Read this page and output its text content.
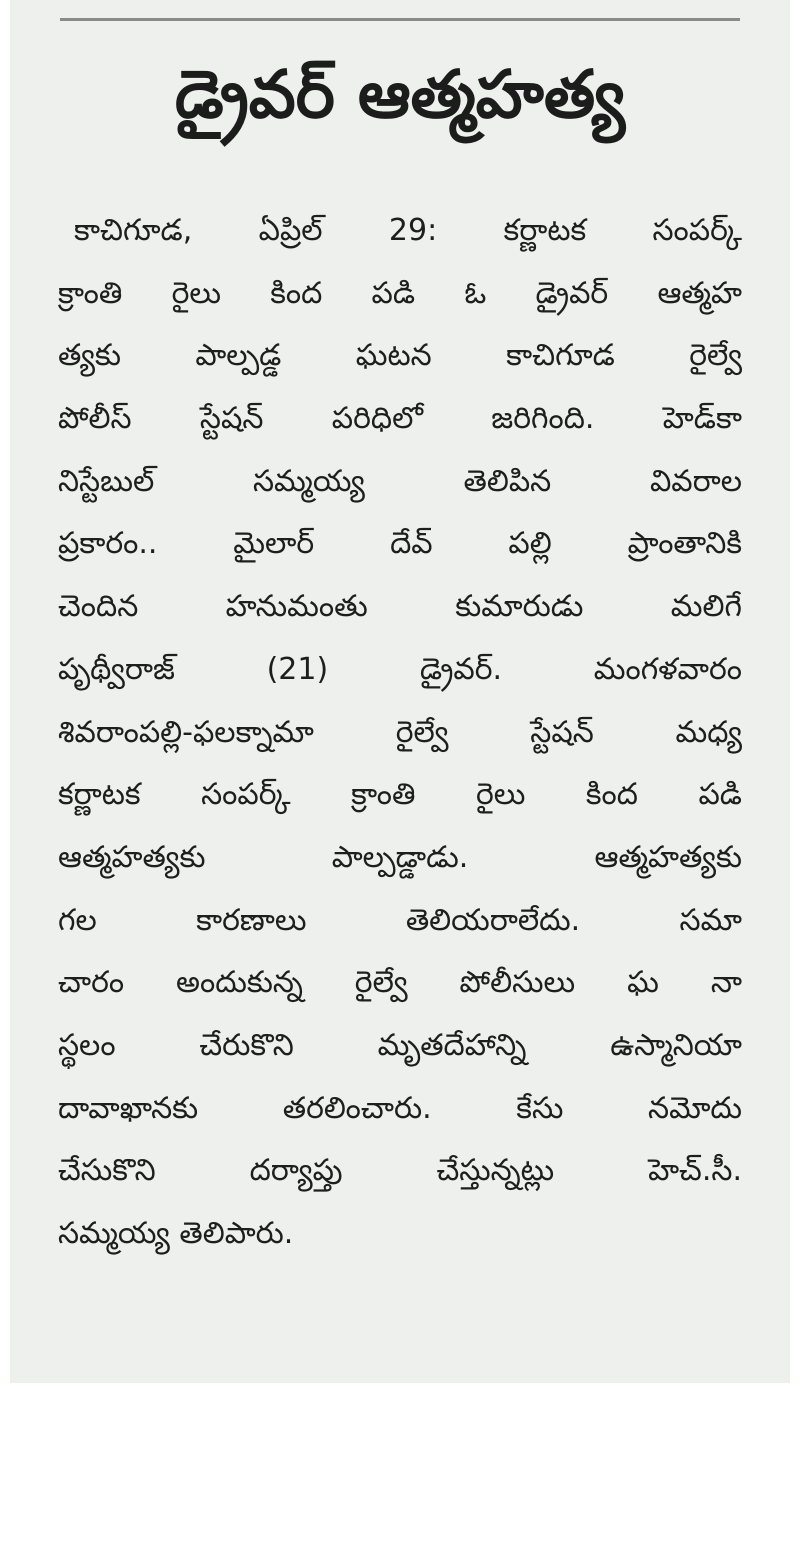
డ్రైవర్ ఆత్మహత్య
కాచిగూడ, ఏప్రిల్ 29: కర్ణాటక సంపర్క్
క్రాంతి రైలు కింద పడి ఓ డ్రైవర్ ఆత్మహ
త్యకు పాల్పడ్డ ఘటన కాచిగూడ రైల్వే
పోలీస్ స్టేషన్ పరిధిలో జరిగింది. హెడ్‌కా
నిస్టేబుల్ సమ్మయ్య తెలిపిన వివరాల
ప్రకారం.. మైలార్ దేవ్ పల్లి ప్రాంతానికి
చెందిన హనుమంతు కుమారుడు మలిగే
పృథ్వీరాజ్ (21) డ్రైవర్. మంగళవారం
శివరాంపల్లి-ఫలక్నామా రైల్వే స్టేషన్ మధ్య
కర్ణాటక సంపర్క్ క్రాంతి రైలు కింద పడి
ఆత్మహత్యకు పాల్పడ్డాడు. ఆత్మహత్యకు
గల కారణాలు తెలియరాలేదు. సమా
చారం అందుకున్న రైల్వే పోలీసులు ఘ నా
స్థలం చేరుకొని మృతదేహాన్ని ఉస్మానియా
దావాఖానకు తరలించారు. కేసు నమోదు
చేసుకొని దర్యాప్తు చేస్తున్నట్లు హెచ్.సీ.
సమ్మయ్య తెలిపారు.
